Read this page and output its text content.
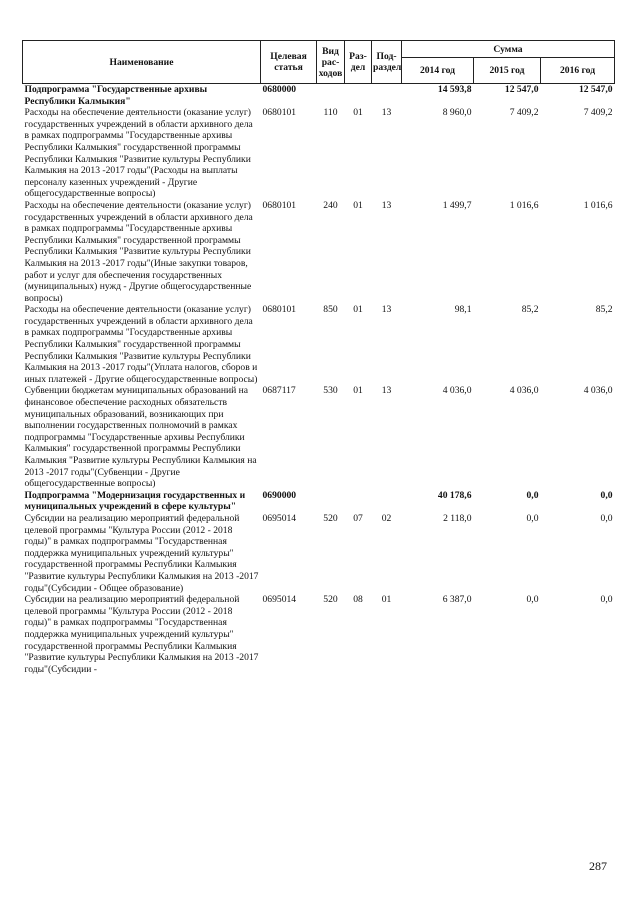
Наименование	Целевая статья	Вид рас-ходов	Раз-дел	Под-раздел	Сумма		
					2014 год	2015 год	2016 год
Подпрограмма "Государственные архивы Республики Калмыкия"	0680000				14 593,8	12 547,0	12 547,0
Расходы на обеспечение деятельности (оказание услуг) государственных учреждений в области архивного дела в рамках подпрограммы "Государственные архивы Республики Калмыкия" государственной программы Республики Калмыкия "Развитие культуры Республики Калмыкия на 2013 -2017 годы"(Расходы на выплаты персоналу казенных учреждений - Другие общегосударственные вопросы)	0680101	110	01	13	8 960,0	7 409,2	7 409,2
Расходы на обеспечение деятельности (оказание услуг) государственных учреждений в области архивного дела в рамках подпрограммы "Государственные архивы Республики Калмыкия" государственной программы Республики Калмыкия "Развитие культуры Республики Калмыкия на 2013 -2017 годы"(Иные закупки товаров, работ и услуг для обеспечения государственных (муниципальных) нужд - Другие общегосударственные вопросы)	0680101	240	01	13	1 499,7	1 016,6	1 016,6
Расходы на обеспечение деятельности (оказание услуг) государственных учреждений в области архивного дела в рамках подпрограммы "Государственные архивы Республики Калмыкия" государственной программы Республики Калмыкия "Развитие культуры Республики Калмыкия на 2013 -2017 годы"(Уплата налогов, сборов и иных платежей - Другие общегосударственные вопросы)	0680101	850	01	13	98,1	85,2	85,2
Субвенции бюджетам муниципальных образований на финансовое обеспечение расходных обязательств муниципальных образований, возникающих при выполнении государственных полномочий в рамках подпрограммы "Государственные архивы Республики Калмыкия" государственной программы Республики Калмыкия "Развитие культуры Республики Калмыкия на 2013 -2017 годы"(Субвенции - Другие общегосударственные вопросы)	0687117	530	01	13	4 036,0	4 036,0	4 036,0
Подпрограмма "Модернизация государственных и муниципальных учреждений в сфере культуры"	0690000				40 178,6	0,0	0,0
Субсидии на реализацию мероприятий федеральной целевой программы "Культура России (2012 - 2018 годы)" в рамках подпрограммы "Государственная поддержка муниципальных учреждений культуры" государственной программы Республики Калмыкия "Развитие культуры Республики Калмыкия на 2013 -2017 годы"(Субсидии - Общее образование)	0695014	520	07	02	2 118,0	0,0	0,0
Субсидии на реализацию мероприятий федеральной целевой программы "Культура России (2012 - 2018 годы)" в рамках подпрограммы "Государственная поддержка муниципальных учреждений культуры" государственной программы Республики Калмыкия "Развитие культуры Республики Калмыкия на 2013 -2017 годы"(Субсидии -	0695014	520	08	01	6 387,0	0,0	0,0
287
